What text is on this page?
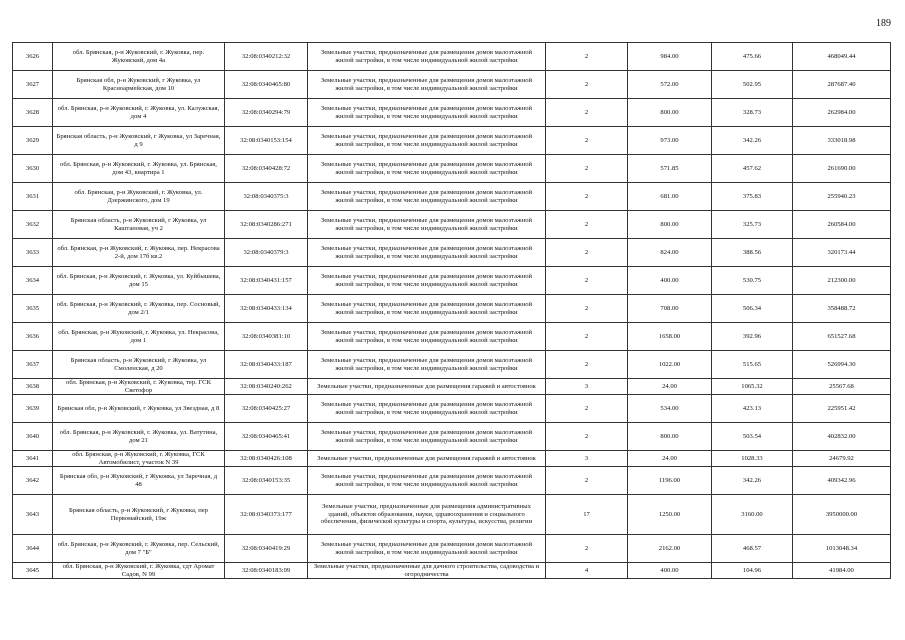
189
3626	обл. Брянская, р-н Жуковский, г. Жуковка, пер. Жуковский, дом 4а	32:08:0340212:32	Земельные участки, предназначенные для размещения домов малоэтажной жилой застройки, в том числе индивидуальной жилой застройки	2	984.00	475.66	468049.44
3627	Брянская обл, р-н Жуковский, г Жуковка, ул Красноармейская, дом 10	32:08:0340465:80	Земельные участки, предназначенные для размещения домов малоэтажной жилой застройки, в том числе индивидуальной жилой застройки	2	572.00	502.95	287687.40
3628	обл. Брянская, р-н Жуковский, г. Жуковка, ул. Калужская, дом 4	32:08:0340294:79	Земельные участки, предназначенные для размещения домов малоэтажной жилой застройки, в том числе индивидуальной жилой застройки	2	800.00	328.73	262984.00
3629	Брянская область, р-н Жуковский, г Жуковка, ул Заречная, д 9	32:08:0340153:154	Земельные участки, предназначенные для размещения домов малоэтажной жилой застройки, в том числе индивидуальной жилой застройки	2	973.00	342.26	333018.98
3630	обл. Брянская, р-н Жуковский, г. Жуковка, ул. Брянская, дом 43, квартира 1	32:08:0340428:72	Земельные участки, предназначенные для размещения домов малоэтажной жилой застройки, в том числе индивидуальной жилой застройки	2	571.85	457.62	261690.00
3631	обл. Брянская, р-н Жуковский, г. Жуковка, ул. Дзержинского, дом 19	32:08:0340375:3	Земельные участки, предназначенные для размещения домов малоэтажной жилой застройки, в том числе индивидуальной жилой застройки	2	681.00	375.83	255940.23
3632	Брянская область, р-н Жуковский, г Жуковка, ул Каштановая, уч 2	32:08:0340286:271	Земельные участки, предназначенные для размещения домов малоэтажной жилой застройки, в том числе индивидуальной жилой застройки	2	800.00	325.73	260584.00
3633	обл. Брянская, р-н Жуковский, г. Жуковка, пер. Некрасова 2-й, дом 17б кв.2	32:08:0340379:3	Земельные участки, предназначенные для размещения домов малоэтажной жилой застройки, в том числе индивидуальной жилой застройки	2	824.00	388.56	320173.44
3634	обл. Брянская, р-н Жуковский, г. Жуковка, ул. Куйбышева, дом 15	32:08:0340431:157	Земельные участки, предназначенные для размещения домов малоэтажной жилой застройки, в том числе индивидуальной жилой застройки	2	400.00	530.75	212300.00
3635	обл. Брянская, р-н Жуковский, г. Жуковка, пер. Сосновый, дом 2/1	32:08:0340433:134	Земельные участки, предназначенные для размещения домов малоэтажной жилой застройки, в том числе индивидуальной жилой застройки	2	708.00	506.34	358488.72
3636	обл. Брянская, р-н Жуковский, г. Жуковка, ул. Некрасова, дом 1	32:08:0340381:10	Земельные участки, предназначенные для размещения домов малоэтажной жилой застройки, в том числе индивидуальной жилой застройки	2	1658.00	392.96	651527.68
3637	Брянская область, р-н Жуковский, г Жуковка, ул Смоленская, д 20	32:08:0340433:187	Земельные участки, предназначенные для размещения домов малоэтажной жилой застройки, в том числе индивидуальной жилой застройки	2	1022.00	515.65	526994.30
3638	обл. Брянская, р-н Жуковский, г. Жуковка, тер. ГСК Светофор	32:08:0340240:262	Земельные участки, предназначенные для размещения гаражей и автостоянок	3	24.00	1065.32	25567.68
3639	Брянская обл, р-н Жуковский, г Жуковка, ул Звездная, д 8	32:08:0340425:27	Земельные участки, предназначенные для размещения домов малоэтажной жилой застройки, в том числе индивидуальной жилой застройки	2	534.00	423.13	225951.42
3640	обл. Брянская, р-н Жуковский, г. Жуковка, ул. Ватутина, дом 21	32:08:0340465:41	Земельные участки, предназначенные для размещения домов малоэтажной жилой застройки, в том числе индивидуальной жилой застройки	2	800.00	503.54	402832.00
3641	обл. Брянская, р-н Жуковский, г. Жуковка, ГСК Автомобилист, участок N 39	32:08:0340426:108	Земельные участки, предназначенные для размещения гаражей и автостоянок	3	24.00	1028.33	24679.92
3642	Брянская обл, р-н Жуковский, г Жуковка, ул Заречная, д 48	32:08:0340153:35	Земельные участки, предназначенные для размещения домов малоэтажной жилой застройки, в том числе индивидуальной жилой застройки	2	1196.00	342.26	409342.96
3643	Брянская область, р-н Жуковский, г Жуковка, пер Первомайский, 19ж	32:08:0340373:177	Земельные участки, предназначенные для размещения административных зданий, объектов образования, науки, здравоохранения и социального обеспечения, физической культуры и спорта, культуры, искусства, религии	17	1250.00	3160.00	3950000.00
3644	обл. Брянская, р-н Жуковский, г. Жуковка, пер. Сельский, дом 7 "Б"	32:08:0340419:29	Земельные участки, предназначенные для размещения домов малоэтажной жилой застройки, в том числе индивидуальной жилой застройки	2	2162.00	468.57	1013048.34
3645	обл. Брянская, р-н Жуковский, г. Жуковка, сдт Аромат Садов, N 99	32:08:0340183:99	Земельные участки, предназначенные для дачного строительства, садоводства и огородничества	4	400.00	104.96	41984.00
